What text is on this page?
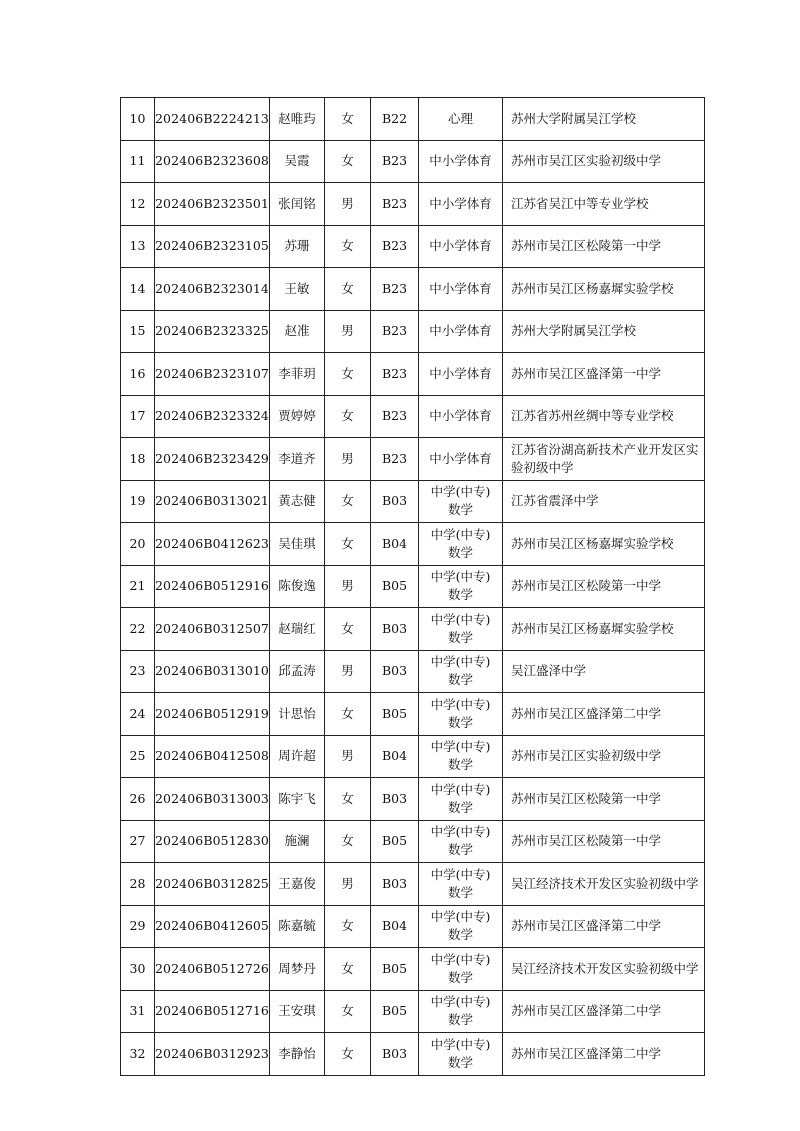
10	202406B2224213	赵唯玙	女	B22	心理	苏州大学附属吴江学校
11	202406B2323608	吴霞	女	B23	中小学体育	苏州市吴江区实验初级中学
12	202406B2323501	张闰铭	男	B23	中小学体育	江苏省吴江中等专业学校
13	202406B2323105	苏珊	女	B23	中小学体育	苏州市吴江区松陵第一中学
14	202406B2323014	王敏	女	B23	中小学体育	苏州市吴江区杨嘉墀实验学校
15	202406B2323325	赵准	男	B23	中小学体育	苏州大学附属吴江学校
16	202406B2323107	李菲玥	女	B23	中小学体育	苏州市吴江区盛泽第一中学
17	202406B2323324	贾婷婷	女	B23	中小学体育	江苏省苏州丝绸中等专业学校
18	202406B2323429	李道齐	男	B23	中小学体育	江苏省汾湖高新技术产业开发区实验初级中学
19	202406B0313021	黄志健	女	B03	中学(中专)
数学	江苏省震泽中学
20	202406B0412623	吴佳琪	女	B04	中学(中专)
数学	苏州市吴江区杨嘉墀实验学校
21	202406B0512916	陈俊逸	男	B05	中学(中专)
数学	苏州市吴江区松陵第一中学
22	202406B0312507	赵瑞红	女	B03	中学(中专)
数学	苏州市吴江区杨嘉墀实验学校
23	202406B0313010	邱孟涛	男	B03	中学(中专)
数学	吴江盛泽中学
24	202406B0512919	计思怡	女	B05	中学(中专)
数学	苏州市吴江区盛泽第二中学
25	202406B0412508	周许超	男	B04	中学(中专)
数学	苏州市吴江区实验初级中学
26	202406B0313003	陈宇飞	女	B03	中学(中专)
数学	苏州市吴江区松陵第一中学
27	202406B0512830	施澜	女	B05	中学(中专)
数学	苏州市吴江区松陵第一中学
28	202406B0312825	王嘉俊	男	B03	中学(中专)
数学	吴江经济技术开发区实验初级中学
29	202406B0412605	陈嘉毓	女	B04	中学(中专)
数学	苏州市吴江区盛泽第二中学
30	202406B0512726	周梦丹	女	B05	中学(中专)
数学	吴江经济技术开发区实验初级中学
31	202406B0512716	王安琪	女	B05	中学(中专)
数学	苏州市吴江区盛泽第二中学
32	202406B0312923	李静怡	女	B03	中学(中专)
数学	苏州市吴江区盛泽第二中学
